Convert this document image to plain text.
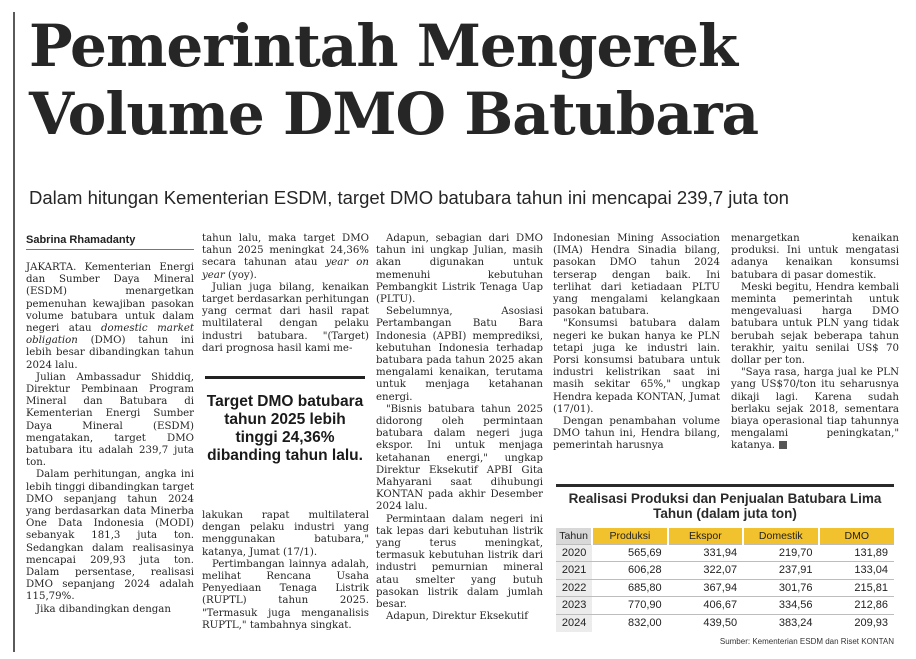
Pemerintah Mengerek
Volume DMO Batubara
Dalam hitungan Kementerian ESDM, target DMO batubara tahun ini mencapai 239,7 juta ton
Sabrina Rhamadanty

JAKARTA. Kementerian Energi dan Sumber Daya Mineral (ESDM) menargetkan pemenuhan kewajiban pasokan volume batubara untuk dalam negeri atau domestic market obligation (DMO) tahun ini lebih besar dibandingkan tahun 2024 lalu.

Julian Ambassadur Shiddiq, Direktur Pembinaan Program Mineral dan Batubara di Kementerian Energi Sumber Daya Mineral (ESDM) mengatakan, target DMO batubara itu adalah 239,7 juta ton.

Dalam perhitungan, angka ini lebih tinggi dibandingkan target DMO sepanjang tahun 2024 yang berdasarkan data Minerba One Data Indonesia (MODI) sebanyak 181,3 juta ton. Sedangkan dalam realisasinya mencapai 209,93 juta ton. Dalam persentase, realisasi DMO sepanjang 2024 adalah 115,79%.

Jika dibandingkan dengan

tahun lalu, maka target DMO tahun 2025 meningkat 24,36% secara tahunan atau year on year (yoy).

Julian juga bilang, kenaikan target berdasarkan perhitungan yang cermat dari hasil rapat multilateral dengan pelaku industri batubara. "(Target) dari prognosa hasil kami me-

Target DMO batubara tahun 2025 lebih tinggi 24,36% dibanding tahun lalu.

lakukan rapat multilateral dengan pelaku industri yang menggunakan batubara," katanya, Jumat (17/1).

Pertimbangan lainnya adalah, melihat Rencana Usaha Penyediaan Tenaga Listrik (RUPTL) tahun 2025. "Termasuk juga menganalisis RUPTL," tambahnya singkat.

Adapun, sebagian dari DMO tahun ini ungkap Julian, masih akan digunakan untuk memenuhi kebutuhan Pembangkit Listrik Tenaga Uap (PLTU).

Sebelumnya, Asosiasi Pertambangan Batu Bara Indonesia (APBI) memprediksi, kebutuhan Indonesia terhadap batubara pada tahun 2025 akan mengalami kenaikan, terutama untuk menjaga ketahanan energi.

"Bisnis batubara tahun 2025 didorong oleh permintaan batubara dalam negeri juga ekspor. Ini untuk menjaga ketahanan energi," ungkap Direktur Eksekutif APBI Gita Mahyarani saat dihubungi KONTAN pada akhir Desember 2024 lalu.

Permintaan dalam negeri ini tak lepas dari kebutuhan listrik yang terus meningkat, termasuk kebutuhan listrik dari industri pemurnian mineral atau smelter yang butuh pasokan listrik dalam jumlah besar.

Adapun, Direktur Eksekutif

Indonesian Mining Association (IMA) Hendra Sinadia bilang, pasokan DMO tahun 2024 terserap dengan baik. Ini terlihat dari ketiadaan PLTU yang mengalami kelangkaan pasokan batubara.

"Konsumsi batubara dalam negeri ke bukan hanya ke PLN tetapi juga ke industri lain. Porsi konsumsi batubara untuk industri kelistrikan saat ini masih sekitar 65%," ungkap Hendra kepada KONTAN, Jumat (17/01).

Dengan penambahan volume DMO tahun ini, Hendra bilang, pemerintah harusnya

menargetkan kenaikan produksi. Ini untuk mengatasi adanya kenaikan konsumsi batubara di pasar domestik.

Meski begitu, Hendra kembali meminta pemerintah untuk mengevaluasi harga DMO batubara untuk PLN yang tidak berubah sejak beberapa tahun terakhir, yaitu senilai US$ 70 dollar per ton.

"Saya rasa, harga jual ke PLN yang US$70/ton itu seharusnya dikaji lagi. Karena sudah berlaku sejak 2018, sementara biaya operasional tiap tahunnya mengalami peningkatan," katanya.

Realisasi Produksi dan Penjualan Batubara Lima Tahun (dalam juta ton)
Tahun	Produksi	Ekspor	Domestik	DMO
2020	565,69	331,94	219,70	131,89
2021	606,28	322,07	237,91	133,04
2022	685,80	367,94	301,76	215,81
2023	770,90	406,67	334,56	212,86
2024	832,00	439,50	383,24	209,93
Sumber: Kementerian ESDM dan Riset KONTAN
